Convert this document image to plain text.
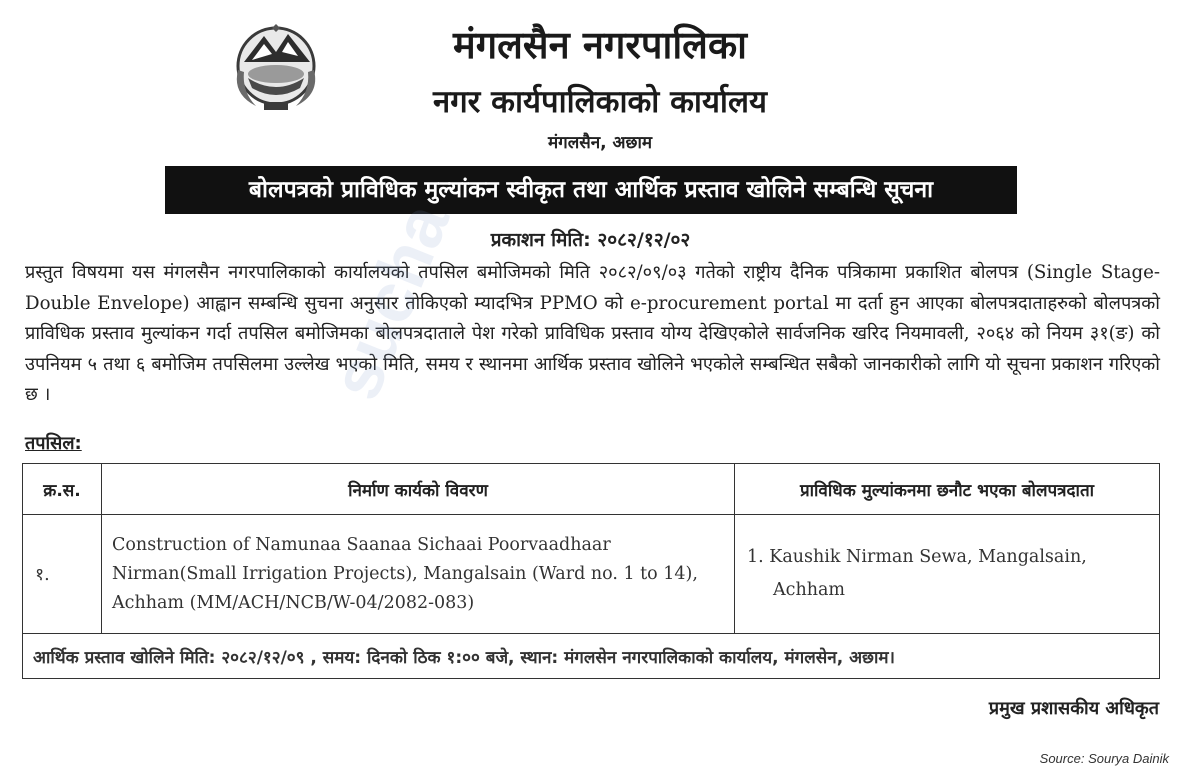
मंगलसैन नगरपालिका
नगर कार्यपालिकाको कार्यालय
मंगलसैन, अछाम
बोलपत्रको प्राविधिक मुल्यांकन स्वीकृत तथा आर्थिक प्रस्ताव खोलिने सम्बन्धि सूचना
प्रकाशन मिति: २०८२/१२/०२
प्रस्तुत विषयमा यस मंगलसैन नगरपालिकाको कार्यालयको तपसिल बमोजिमको मिति २०८२/०९/०३ गतेको राष्ट्रीय दैनिक पत्रिकामा प्रकाशित बोलपत्र (Single Stage-Double Envelope) आह्वान सम्बन्धि सुचना अनुसार तोकिएको म्यादभित्र PPMO को e-procurement portal मा दर्ता हुन आएका बोलपत्रदाताहरुको बोलपत्रको प्राविधिक प्रस्ताव मुल्यांकन गर्दा तपसिल बमोजिमका बोलपत्रदाताले पेश गरेको प्राविधिक प्रस्ताव योग्य देखिएकोले सार्वजनिक खरिद नियमावली, २०६४ को नियम ३१(ङ) को उपनियम ५ तथा ६ बमोजिम तपसिलमा उल्लेख भएको मिति, समय र स्थानमा आर्थिक प्रस्ताव खोलिने भएकोले सम्बन्धित सबैको जानकारीको लागि यो सूचना प्रकाशन गरिएको छ ।
तपसिल:
क्र.स.	निर्माण कार्यको विवरण	प्राविधिक मुल्यांकनमा छनौट भएका बोलपत्रदाता
१.	Construction of Namunaa Saanaa Sichaai Poorvaadhaar Nirman(Small Irrigation Projects), Mangalsain (Ward no. 1 to 14), Achham (MM/ACH/NCB/W-04/2082-083)	1. Kaushik Nirman Sewa, Mangalsain,
Achham

आर्थिक प्रस्ताव खोलिने मिति: २०८२/१२/०९ , समय: दिनको ठिक १:०० बजे, स्थान: मंगलसेन नगरपालिकाको कार्यालय, मंगलसेन, अछाम।		
प्रमुख प्रशासकीय अधिकृत
Source: Sourya Dainik
sucha
